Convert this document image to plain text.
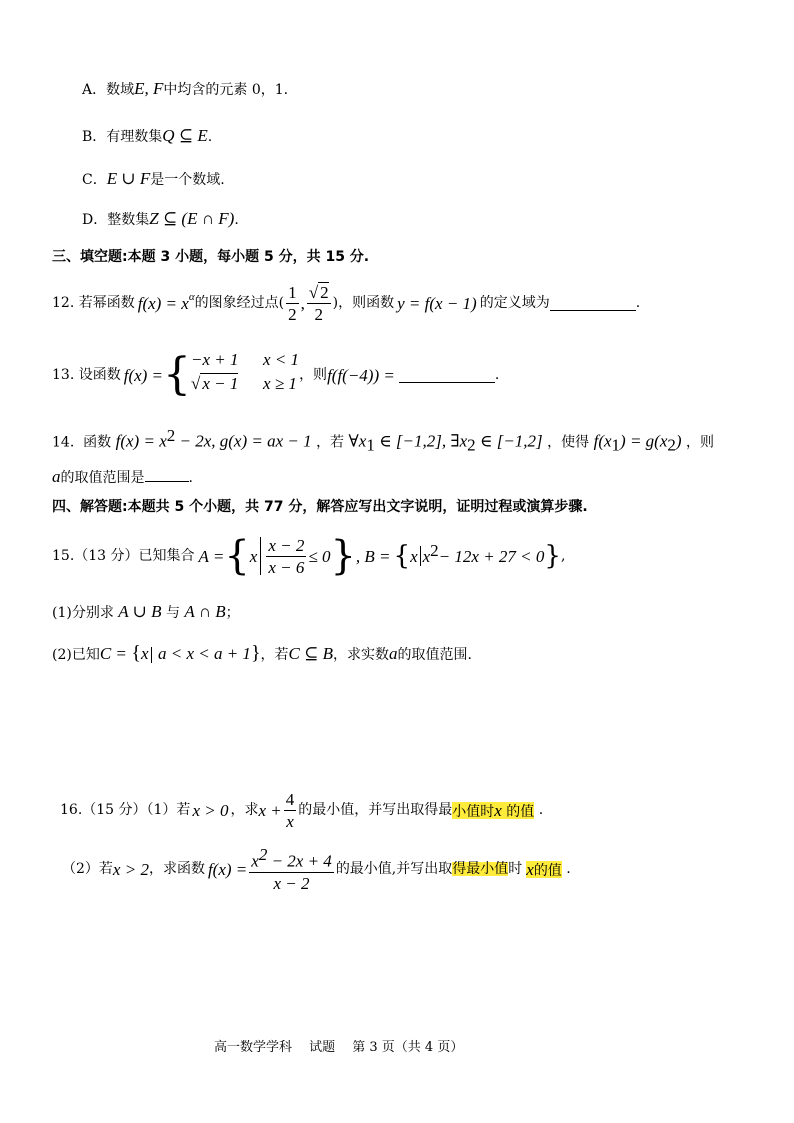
A．数域E, F中均含的元素 0，1.
B．有理数集Q ⊆ E.
C．E ∪ F是一个数域.
D．整数集Z ⊆ (E ∩ F).
三、填空题:本题 3 小题，每小题 5 分，共 15 分.
12.
若幂函数 $f(x) = x^\alpha$ 的图象经过点( $\frac{1}{2}$ , $\frac{√ 2}{2}$ )，则函数 y = f(x − 1) 的定义域为	.
13.
设函数 f(x) = { −x + 1 x < 1
√ x − 1 x ≥ 1 ，则 f(f(−4)) =	.
14. 函数 $f(x) = x^2 - 2x$, g(x) = ax − 1 ，若 $\forall x_1$ ∈ [−1,2], $\exists x_2$ ∈ [−1,2] ，使得 $f(x_1) = g(x_2)$ ，则
a的取值范围是	.
四、解答题:本题共 5 个小题，共 77 分，解答应写出文字说明，证明过程或演算步骤.
15.（13 分）已知集合 A = { x $\frac{x - 2}{x - 6} \le 0$ } , B = { x $x^2 - 12x + 27 < 0$ } ,
(1)分别求 A ∪ B 与 A ∩ B；
(2)已知C = {x a < x < a + 1}，若C ⊆ B，求实数a的取值范围.
16.（15 分）（1）若 x > 0 ，求 $x + \frac{4}{x}$ 的最小值，并写出取得最 小值时x 的值
.
（2）若 x > 2 ，求函数 $f(x) = \frac{x^2 - 2x + 4}{x - 2}$ 的最小值,并写出取 得最小值 时 x的值
.
高一数学学科　 试题　 第 3 页（共 4 页）
